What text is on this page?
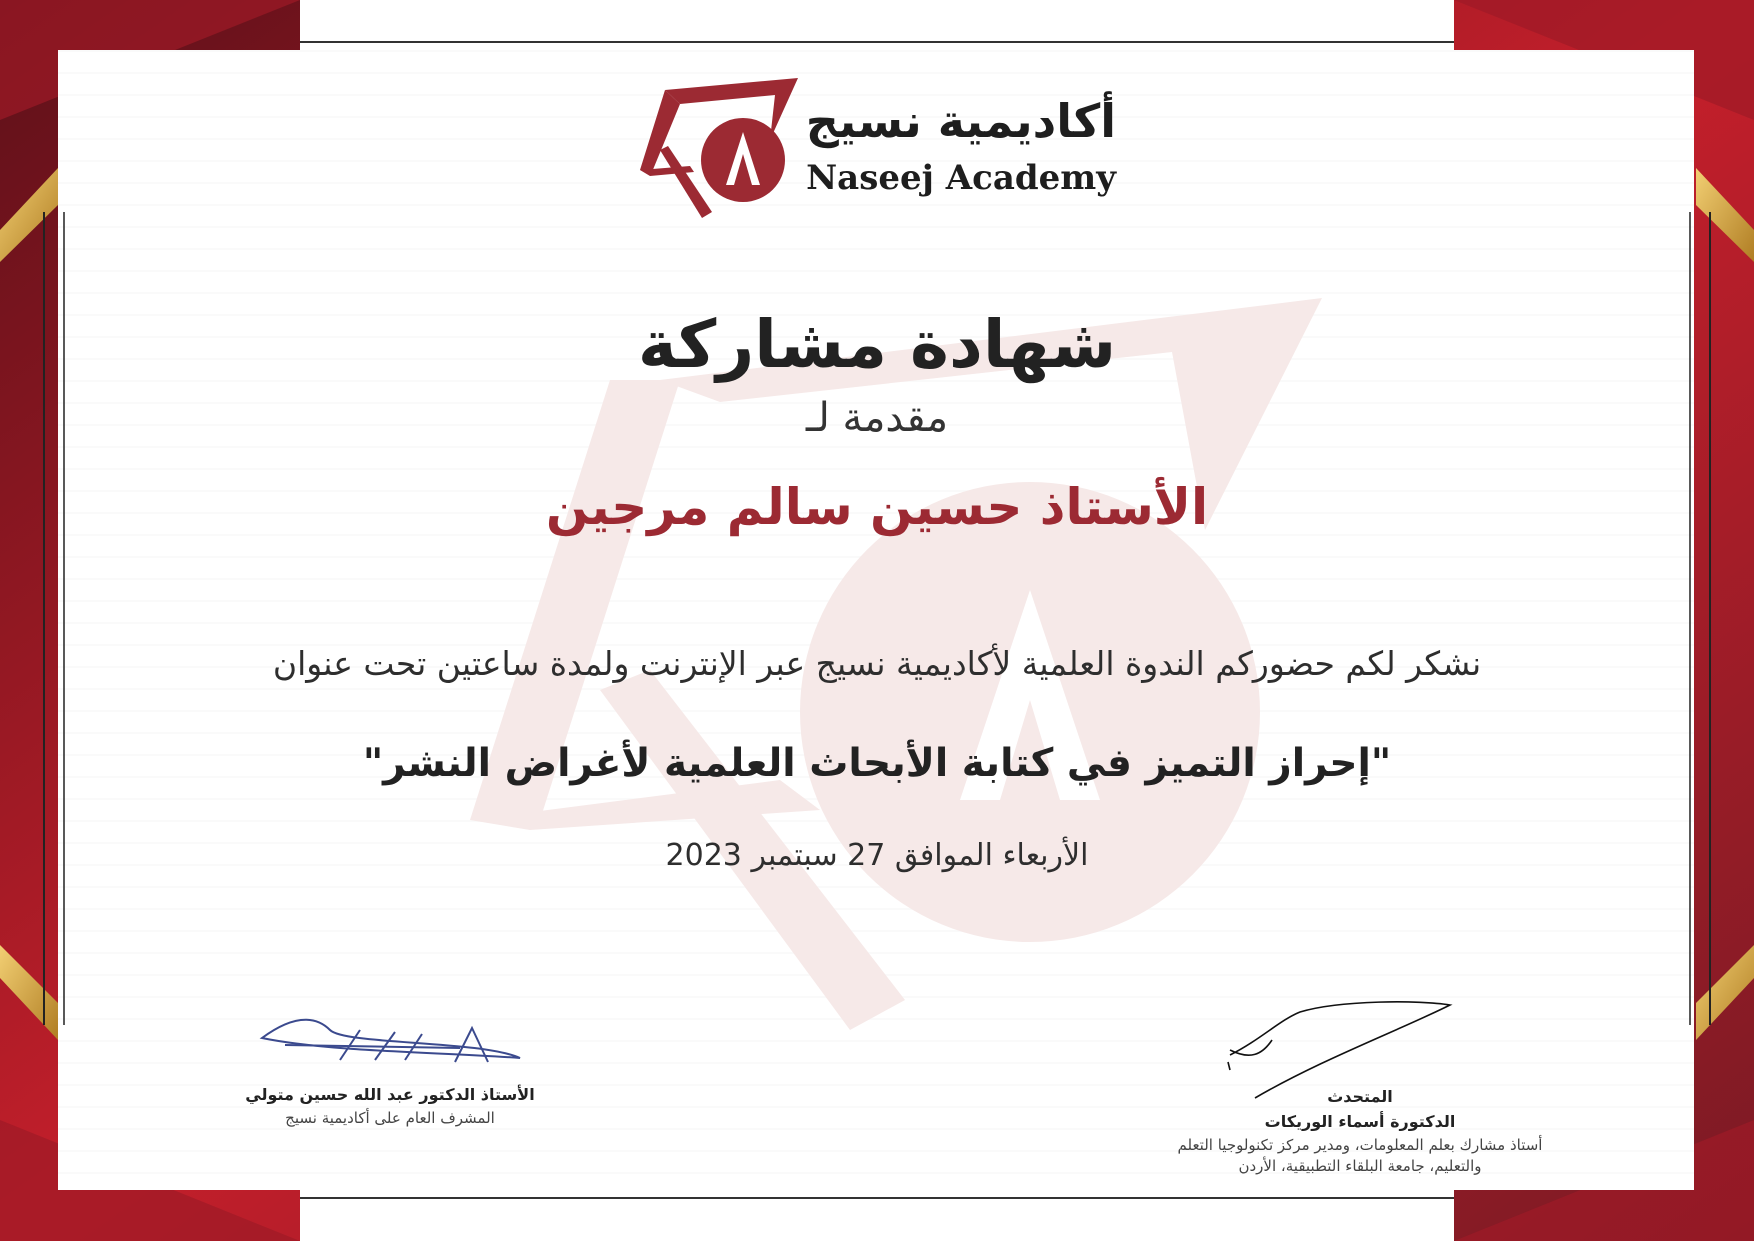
أكاديمية نسيج
Naseej Academy
شهادة مشاركة
مقدمة لـ
الأستاذ حسين سالم مرجين
نشكر لكم حضوركم الندوة العلمية لأكاديمية نسيج عبر الإنترنت ولمدة ساعتين تحت عنوان
"إحراز التميز في كتابة الأبحاث العلمية لأغراض النشر"
الأربعاء الموافق 27 سبتمبر 2023
الأستاذ الدكتور عبد الله حسين متولي
المشرف العام على أكاديمية نسيج
المتحدث
الدكتورة أسماء الوريكات
أستاذ مشارك بعلم المعلومات، ومدير مركز تكنولوجيا التعلم
والتعليم، جامعة البلقاء التطبيقية، الأردن
